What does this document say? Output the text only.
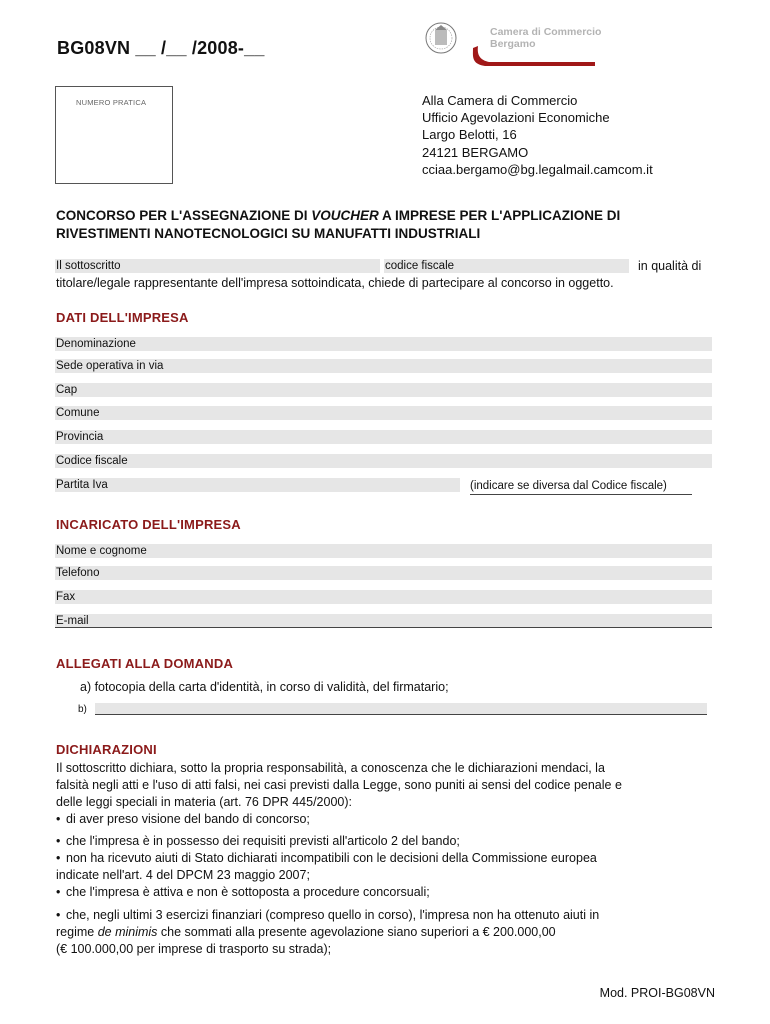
BG08VN __ /__ /2008-__
Camera di Commercio
Bergamo
NUMERO PRATICA	Alla Camera di Commercio
Ufficio Agevolazioni Economiche
Largo Belotti, 16
24121 BERGAMO
cciaa.bergamo@bg.legalmail.camcom.it
CONCORSO PER L'ASSEGNAZIONE DI VOUCHER A IMPRESE PER L'APPLICAZIONE DI
RIVESTIMENTI NANOTECNOLOGICI SU MANUFATTI INDUSTRIALI
Il sottoscritto	codice fiscale	in qualità di
titolare/legale rappresentante dell'impresa sottoindicata, chiede di partecipare al concorso in oggetto.
DATI DELL'IMPRESA
Denominazione
Sede operativa in via
Cap
Comune
Provincia
Codice fiscale
Partita Iva	(indicare se diversa dal Codice fiscale)
INCARICATO DELL'IMPRESA
Nome e cognome
Telefono
Fax
E-mail
ALLEGATI ALLA DOMANDA
a) fotocopia della carta d'identità, in corso di validità, del firmatario;
b)
DICHIARAZIONI
Il sottoscritto dichiara, sotto la propria responsabilità, a conoscenza che le dichiarazioni mendaci, la
falsità negli atti e l'uso di atti falsi, nei casi previsti dalla Legge, sono puniti ai sensi del codice penale e
delle leggi speciali in materia (art. 76 DPR 445/2000):
• di aver preso visione del bando di concorso;
• che l'impresa è in possesso dei requisiti previsti all'articolo 2 del bando;
• non ha ricevuto aiuti di Stato dichiarati incompatibili con le decisioni della Commissione europea
indicate nell'art. 4 del DPCM 23 maggio 2007;
• che l'impresa è attiva e non è sottoposta a procedure concorsuali;
• che, negli ultimi 3 esercizi finanziari (compreso quello in corso), l'impresa non ha ottenuto aiuti in
regime de minimis che sommati alla presente agevolazione siano superiori a € 200.000,00
(€ 100.000,00 per imprese di trasporto su strada);
Mod. PROI-BG08VN
